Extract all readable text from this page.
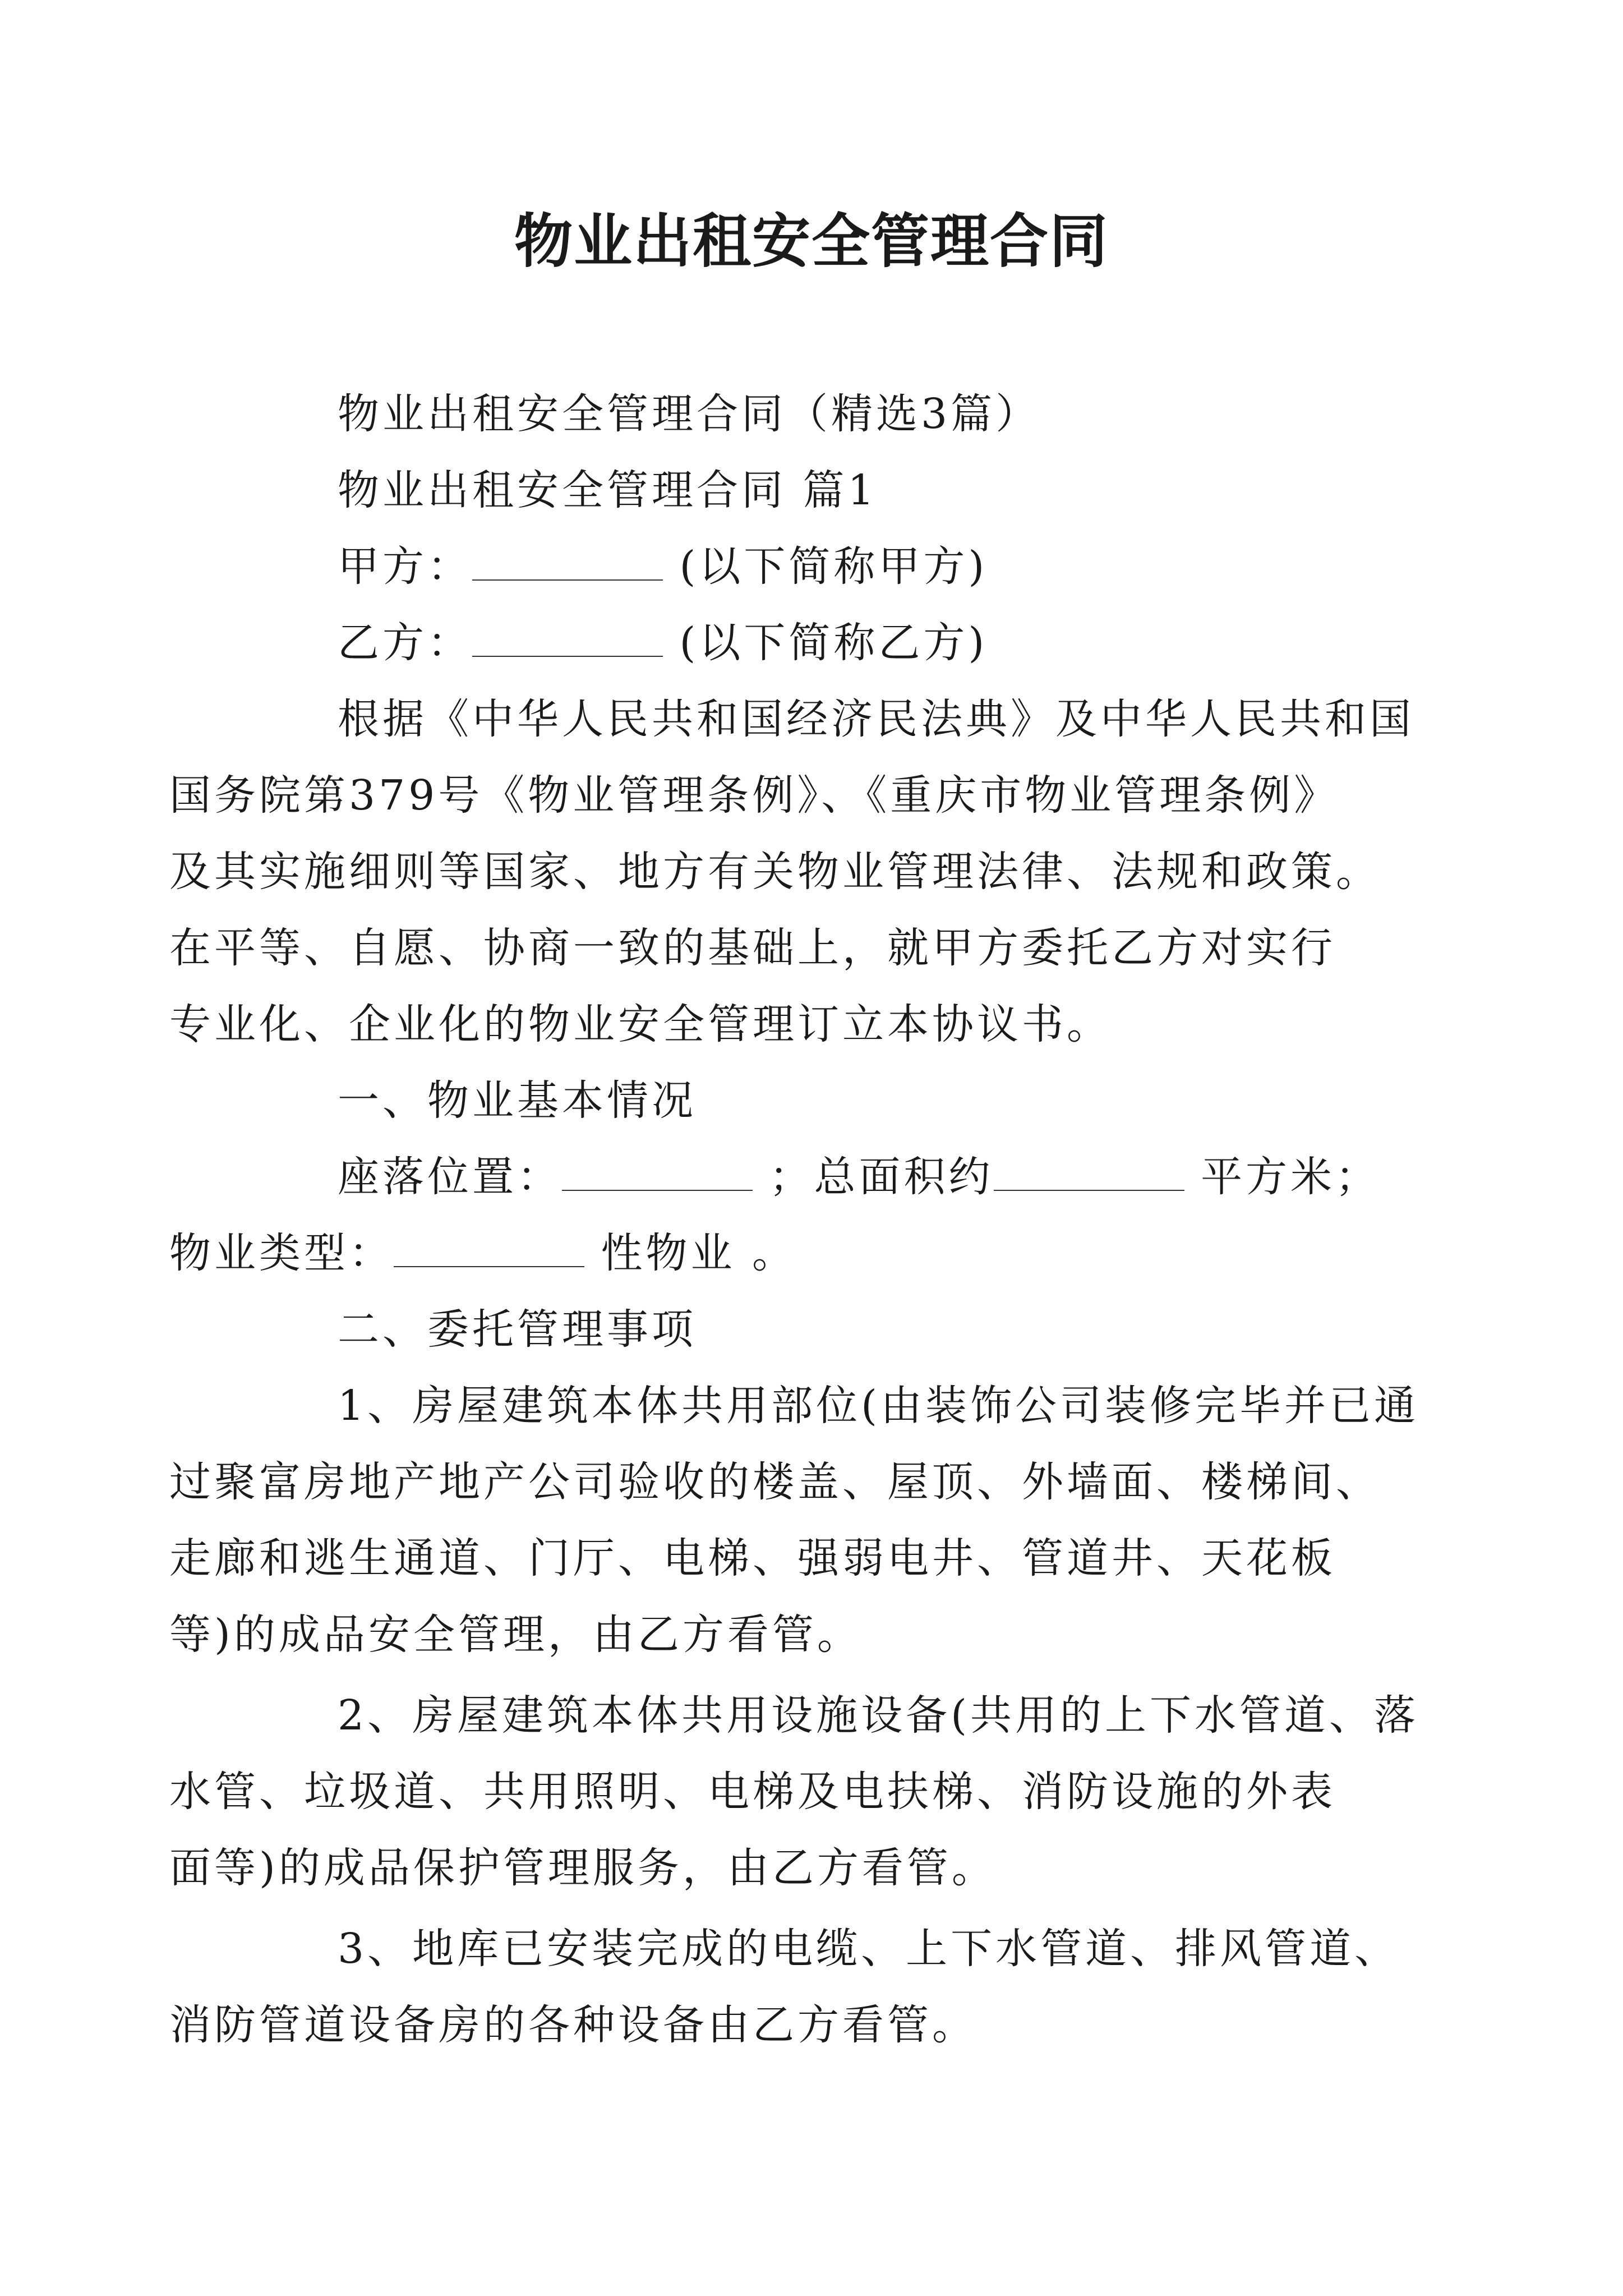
物业出租安全管理合同
物业出租安全管理合同（精选3篇）
物业出租安全管理合同 篇1
甲方：	(以下简称甲方)
乙方：	(以下简称乙方)
根据《中华人民共和国经济民法典》及中华人民共和国
国务院第379号《物业管理条例》、《重庆市物业管理条例》
及其实施细则等国家、地方有关物业管理法律、法规和政策。
在平等、自愿、协商一致的基础上，就甲方委托乙方对实行
专业化、企业化的物业安全管理订立本协议书。
一、物业基本情况
座落位置：	；总面积约	平方米；
物业类型：	性物业 。
二、委托管理事项
1、房屋建筑本体共用部位(由装饰公司装修完毕并已通
过聚富房地产地产公司验收的楼盖、屋顶、外墙面、楼梯间、
走廊和逃生通道、门厅、电梯、强弱电井、管道井、天花板
等)的成品安全管理，由乙方看管。
2、房屋建筑本体共用设施设备(共用的上下水管道、落
水管、垃圾道、共用照明、电梯及电扶梯、消防设施的外表
面等)的成品保护管理服务，由乙方看管。
3、地库已安装完成的电缆、上下水管道、排风管道、
消防管道设备房的各种设备由乙方看管。
